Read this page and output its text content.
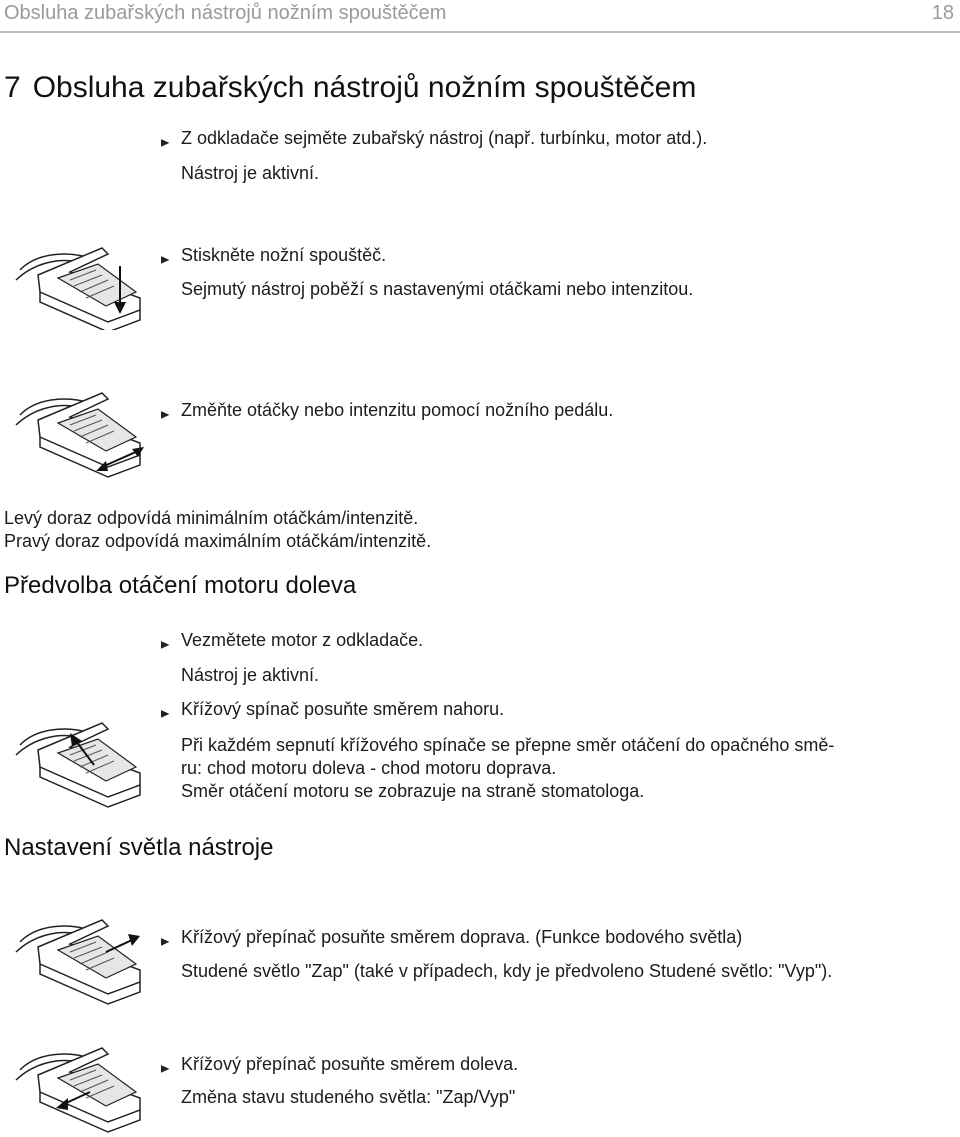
Obsluha zubařských nástrojů nožním spouštěčem	18
7 Obsluha zubařských nástrojů nožním spouštěčem
▶ Z odkladače sejměte zubařský nástroj (např. turbínku, motor atd.).
Nástroj je aktivní.
▶ Stiskněte nožní spouštěč.
Sejmutý nástroj poběží s nastavenými otáčkami nebo intenzitou.
▶ Změňte otáčky nebo intenzitu pomocí nožního pedálu.
Levý doraz odpovídá minimálním otáčkám/intenzitě.
Pravý doraz odpovídá maximálním otáčkám/intenzitě.
Předvolba otáčení motoru doleva
▶ Vezmětete motor z odkladače.
Nástroj je aktivní.
▶ Křížový spínač posuňte směrem nahoru.
Při každém sepnutí křížového spínače se přepne směr otáčení do opačného smě-
ru: chod motoru doleva - chod motoru doprava.
Směr otáčení motoru se zobrazuje na straně stomatologa.
Nastavení světla nástroje
▶ Křížový přepínač posuňte směrem doprava. (Funkce bodového světla)
Studené světlo "Zap" (také v případech, kdy je předvoleno Studené světlo: "Vyp").
▶ Křížový přepínač posuňte směrem doleva.
Změna stavu studeného světla: "Zap/Vyp"
